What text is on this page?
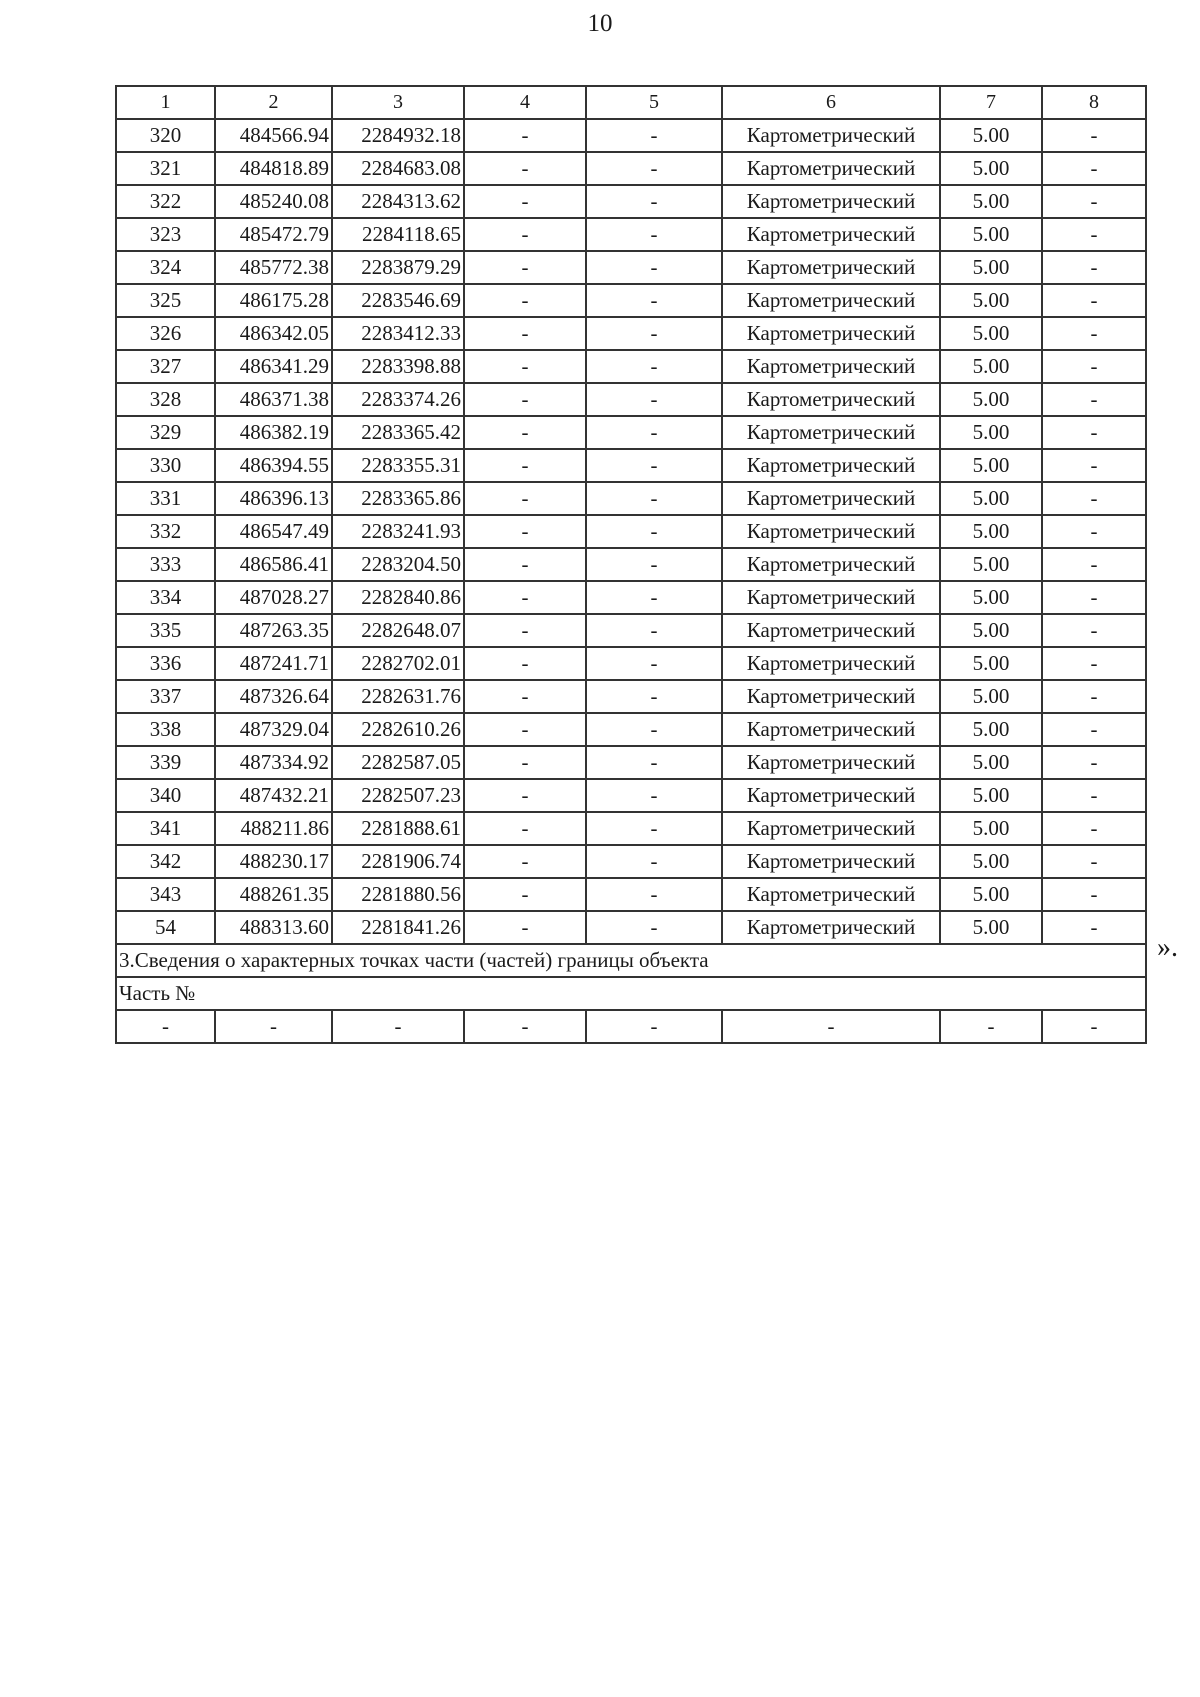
10
1	2	3	4	5	6	7	8
320	484566.94	2284932.18	-	-	Картометрический	5.00	-
321	484818.89	2284683.08	-	-	Картометрический	5.00	-
322	485240.08	2284313.62	-	-	Картометрический	5.00	-
323	485472.79	2284118.65	-	-	Картометрический	5.00	-
324	485772.38	2283879.29	-	-	Картометрический	5.00	-
325	486175.28	2283546.69	-	-	Картометрический	5.00	-
326	486342.05	2283412.33	-	-	Картометрический	5.00	-
327	486341.29	2283398.88	-	-	Картометрический	5.00	-
328	486371.38	2283374.26	-	-	Картометрический	5.00	-
329	486382.19	2283365.42	-	-	Картометрический	5.00	-
330	486394.55	2283355.31	-	-	Картометрический	5.00	-
331	486396.13	2283365.86	-	-	Картометрический	5.00	-
332	486547.49	2283241.93	-	-	Картометрический	5.00	-
333	486586.41	2283204.50	-	-	Картометрический	5.00	-
334	487028.27	2282840.86	-	-	Картометрический	5.00	-
335	487263.35	2282648.07	-	-	Картометрический	5.00	-
336	487241.71	2282702.01	-	-	Картометрический	5.00	-
337	487326.64	2282631.76	-	-	Картометрический	5.00	-
338	487329.04	2282610.26	-	-	Картометрический	5.00	-
339	487334.92	2282587.05	-	-	Картометрический	5.00	-
340	487432.21	2282507.23	-	-	Картометрический	5.00	-
341	488211.86	2281888.61	-	-	Картометрический	5.00	-
342	488230.17	2281906.74	-	-	Картометрический	5.00	-
343	488261.35	2281880.56	-	-	Картометрический	5.00	-
54	488313.60	2281841.26	-	-	Картометрический	5.00	-
3.Сведения о характерных точках части (частей) границы объекта							
Часть №							
-	-	-	-	-	-	-	-
».
